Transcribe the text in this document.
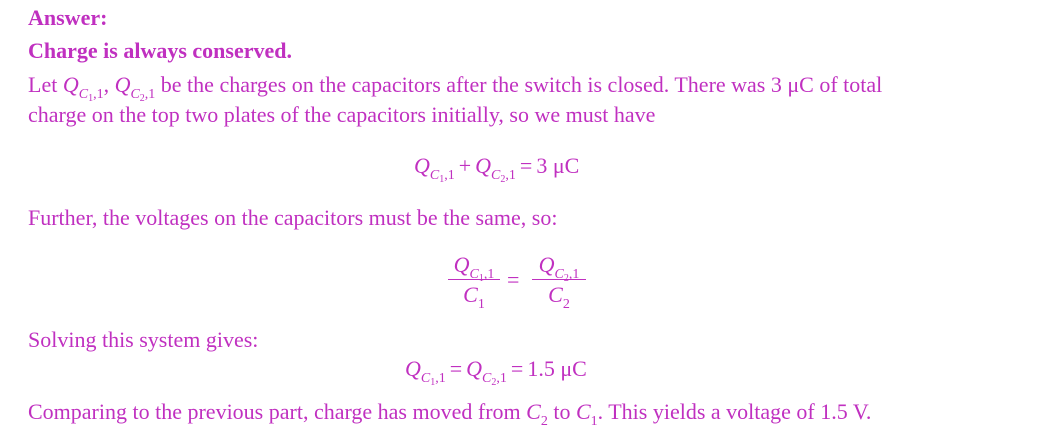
Answer:
Charge is always conserved.
Let $Q_{C_1,1}$, $Q_{C_2,1}$ be the charges on the capacitors after the switch is closed. There was 3 μC of total
charge on the top two plates of the capacitors initially, so we must have
$Q_{C_1,1} + Q_{C_2,1} = 3$ μC
Further, the voltages on the capacitors must be the same, so:
$Q_{C_1,1}$
$C_1$
=
$Q_{C_2,1}$
$C_2$
Solving this system gives:
$Q_{C_1,1} = Q_{C_2,1} = 1.5$ μC
Comparing to the previous part, charge has moved from $C_2$ to $C_1$. This yields a voltage of 1.5 V.
